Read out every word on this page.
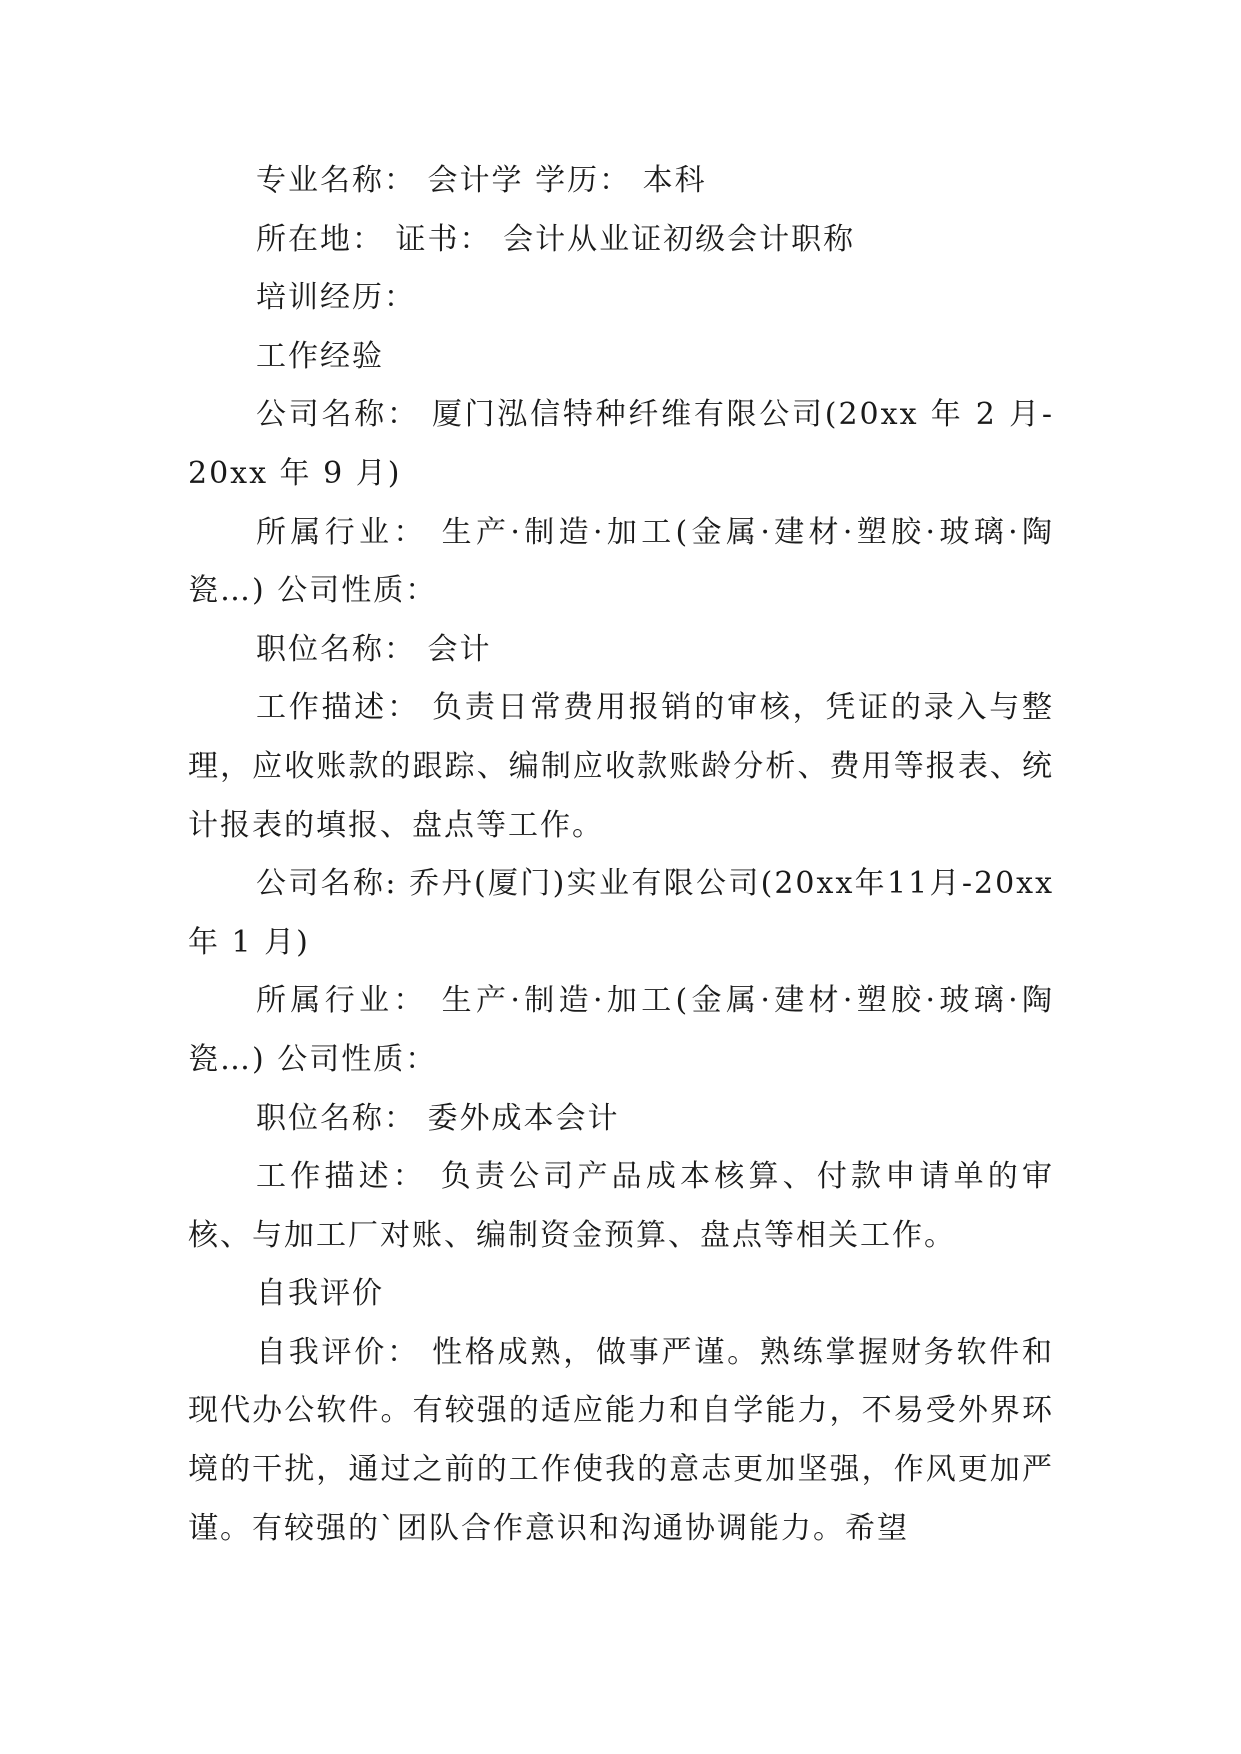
专业名称： 会计学 学历： 本科

所在地： 证书： 会计从业证初级会计职称

培训经历：

工作经验

公司名称： 厦门泓信特种纤维有限公司(20xx 年 2 月-20xx 年 9 月)

所属行业： 生产·制造·加工(金属·建材·塑胶·玻璃·陶瓷…) 公司性质：

职位名称： 会计

工作描述： 负责日常费用报销的审核，凭证的录入与整理，应收账款的跟踪、编制应收款账龄分析、费用等报表、统计报表的填报、盘点等工作。

公司名称: 乔丹(厦门)实业有限公司(20xx年11月-20xx年 1 月)

所属行业： 生产·制造·加工(金属·建材·塑胶·玻璃·陶瓷…) 公司性质：

职位名称： 委外成本会计

工作描述： 负责公司产品成本核算、付款申请单的审核、与加工厂对账、编制资金预算、盘点等相关工作。

自我评价

自我评价： 性格成熟，做事严谨。熟练掌握财务软件和现代办公软件。有较强的适应能力和自学能力，不易受外界环境的干扰，通过之前的工作使我的意志更加坚强，作风更加严谨。有较强的`团队合作意识和沟通协调能力。希望
